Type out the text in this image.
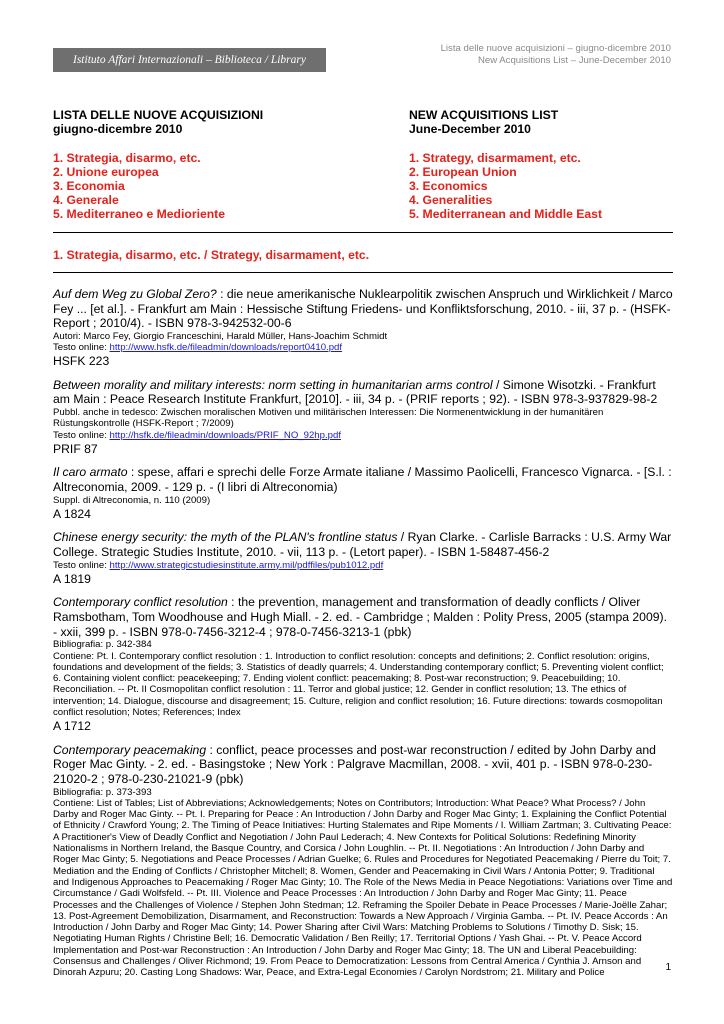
Istituto Affari Internazionali – Biblioteca / Library
Lista delle nuove acquisizioni – giugno-dicembre 2010
New Acquisitions List – June-December 2010
LISTA DELLE NUOVE ACQUISIZIONI
giugno-dicembre 2010
NEW ACQUISITIONS LIST
June-December 2010
1. Strategia, disarmo, etc.
2. Unione europea
3. Economia
4. Generale
5. Mediterraneo e Medioriente
1. Strategy, disarmament, etc.
2. European Union
3. Economics
4. Generalities
5. Mediterranean and Middle East
1. Strategia, disarmo, etc. / Strategy, disarmament, etc.
Auf dem Weg zu Global Zero? : die neue amerikanische Nuklearpolitik zwischen Anspruch und Wirklichkeit / Marco Fey ... [et al.]. - Frankfurt am Main : Hessische Stiftung Friedens- und Konfliktsforschung, 2010. - iii, 37 p. - (HSFK-Report ; 2010/4). - ISBN 978-3-942532-00-6
Autori: Marco Fey, Giorgio Franceschini, Harald Müller, Hans-Joachim Schmidt
Testo online: http://www.hsfk.de/fileadmin/downloads/report0410.pdf
HSFK 223
Between morality and military interests: norm setting in humanitarian arms control / Simone Wisotzki. - Frankfurt am Main : Peace Research Institute Frankfurt, [2010]. - iii, 34 p. - (PRIF reports ; 92). - ISBN 978-3-937829-98-2
Pubbl. anche in tedesco: Zwischen moralischen Motiven und militärischen Interessen: Die Normenentwicklung in der humanitären Rüstungskontrolle (HSFK-Report ; 7/2009)
Testo online: http://hsfk.de/fileadmin/downloads/PRIF_NO_92hp.pdf
PRIF 87
Il caro armato : spese, affari e sprechi delle Forze Armate italiane / Massimo Paolicelli, Francesco Vignarca. - [S.l. : Altreconomia, 2009. - 129 p. - (I libri di Altreconomia)
Suppl. di Altreconomia, n. 110 (2009)
A 1824
Chinese energy security: the myth of the PLAN's frontline status / Ryan Clarke. - Carlisle Barracks : U.S. Army War College. Strategic Studies Institute, 2010. - vii, 113 p. - (Letort paper). - ISBN 1-58487-456-2
Testo online: http://www.strategicstudiesinstitute.army.mil/pdffiles/pub1012.pdf
A 1819
Contemporary conflict resolution : the prevention, management and transformation of deadly conflicts / Oliver Ramsbotham, Tom Woodhouse and Hugh Miall. - 2. ed. - Cambridge ; Malden : Polity Press, 2005 (stampa 2009). - xxii, 399 p. - ISBN 978-0-7456-3212-4 ; 978-0-7456-3213-1 (pbk)
Bibliografia: p. 342-384
Contiene: Pt. I. Contemporary conflict resolution : 1. Introduction to conflict resolution: concepts and definitions; 2. Conflict resolution: origins, foundations and development of the fields; 3. Statistics of deadly quarrels; 4. Understanding contemporary conflict; 5. Preventing violent conflict; 6. Containing violent conflict: peacekeeping; 7. Ending violent conflict: peacemaking; 8. Post-war reconstruction; 9. Peacebuilding; 10. Reconciliation. -- Pt. II Cosmopolitan conflict resolution : 11. Terror and global justice; 12. Gender in conflict resolution; 13. The ethics of intervention; 14. Dialogue, discourse and disagreement; 15. Culture, religion and conflict resolution; 16. Future directions: towards cosmopolitan conflict resolution; Notes; References; Index
A 1712
Contemporary peacemaking : conflict, peace processes and post-war reconstruction / edited by John Darby and Roger Mac Ginty. - 2. ed. - Basingstoke ; New York : Palgrave Macmillan, 2008. - xvii, 401 p. - ISBN 978-0-230-21020-2 ; 978-0-230-21021-9 (pbk)
Bibliografia: p. 373-393
Contiene: List of Tables; List of Abbreviations; Acknowledgements; Notes on Contributors; Introduction: What Peace? What Process? / John Darby and Roger Mac Ginty. -- Pt. I. Preparing for Peace : An Introduction / John Darby and Roger Mac Ginty; 1. Explaining the Conflict Potential of Ethnicity / Crawford Young; 2. The Timing of Peace Initiatives: Hurting Stalemates and Ripe Moments / I. William Zartman; 3. Cultivating Peace: A Practitioner's View of Deadly Conflict and Negotiation / John Paul Lederach; 4. New Contexts for Political Solutions: Redefining Minority Nationalisms in Northern Ireland, the Basque Country, and Corsica / John Loughlin. -- Pt. II. Negotiations : An Introduction / John Darby and Roger Mac Ginty; 5. Negotiations and Peace Processes / Adrian Guelke; 6. Rules and Procedures for Negotiated Peacemaking / Pierre du Toit; 7. Mediation and the Ending of Conflicts / Christopher Mitchell; 8. Women, Gender and Peacemaking in Civil Wars / Antonia Potter; 9. Traditional and Indigenous Approaches to Peacemaking / Roger Mac Ginty; 10. The Role of the News Media in Peace Negotiations: Variations over Time and Circumstance / Gadi Wolfsfeld. -- Pt. III. Violence and Peace Processes : An Introduction / John Darby and Roger Mac Ginty; 11. Peace Processes and the Challenges of Violence / Stephen John Stedman; 12. Reframing the Spoiler Debate in Peace Processes / Marie-Joëlle Zahar; 13. Post-Agreement Demobilization, Disarmament, and Reconstruction: Towards a New Approach / Virginia Gamba. -- Pt. IV. Peace Accords : An Introduction / John Darby and Roger Mac Ginty; 14. Power Sharing after Civil Wars: Matching Problems to Solutions / Timothy D. Sisk; 15. Negotiating Human Rights / Christine Bell; 16. Democratic Validation / Ben Reilly; 17. Territorial Options / Yash Ghai. -- Pt. V. Peace Accord Implementation and Post-war Reconstruction : An Introduction / John Darby and Roger Mac Ginty; 18. The UN and Liberal Peacebuilding: Consensus and Challenges / Oliver Richmond; 19. From Peace to Democratization: Lessons from Central America / Cynthia J. Arnson and Dinorah Azpuru; 20. Casting Long Shadows: War, Peace, and Extra-Legal Economies / Carolyn Nordstrom; 21. Military and Police	1
